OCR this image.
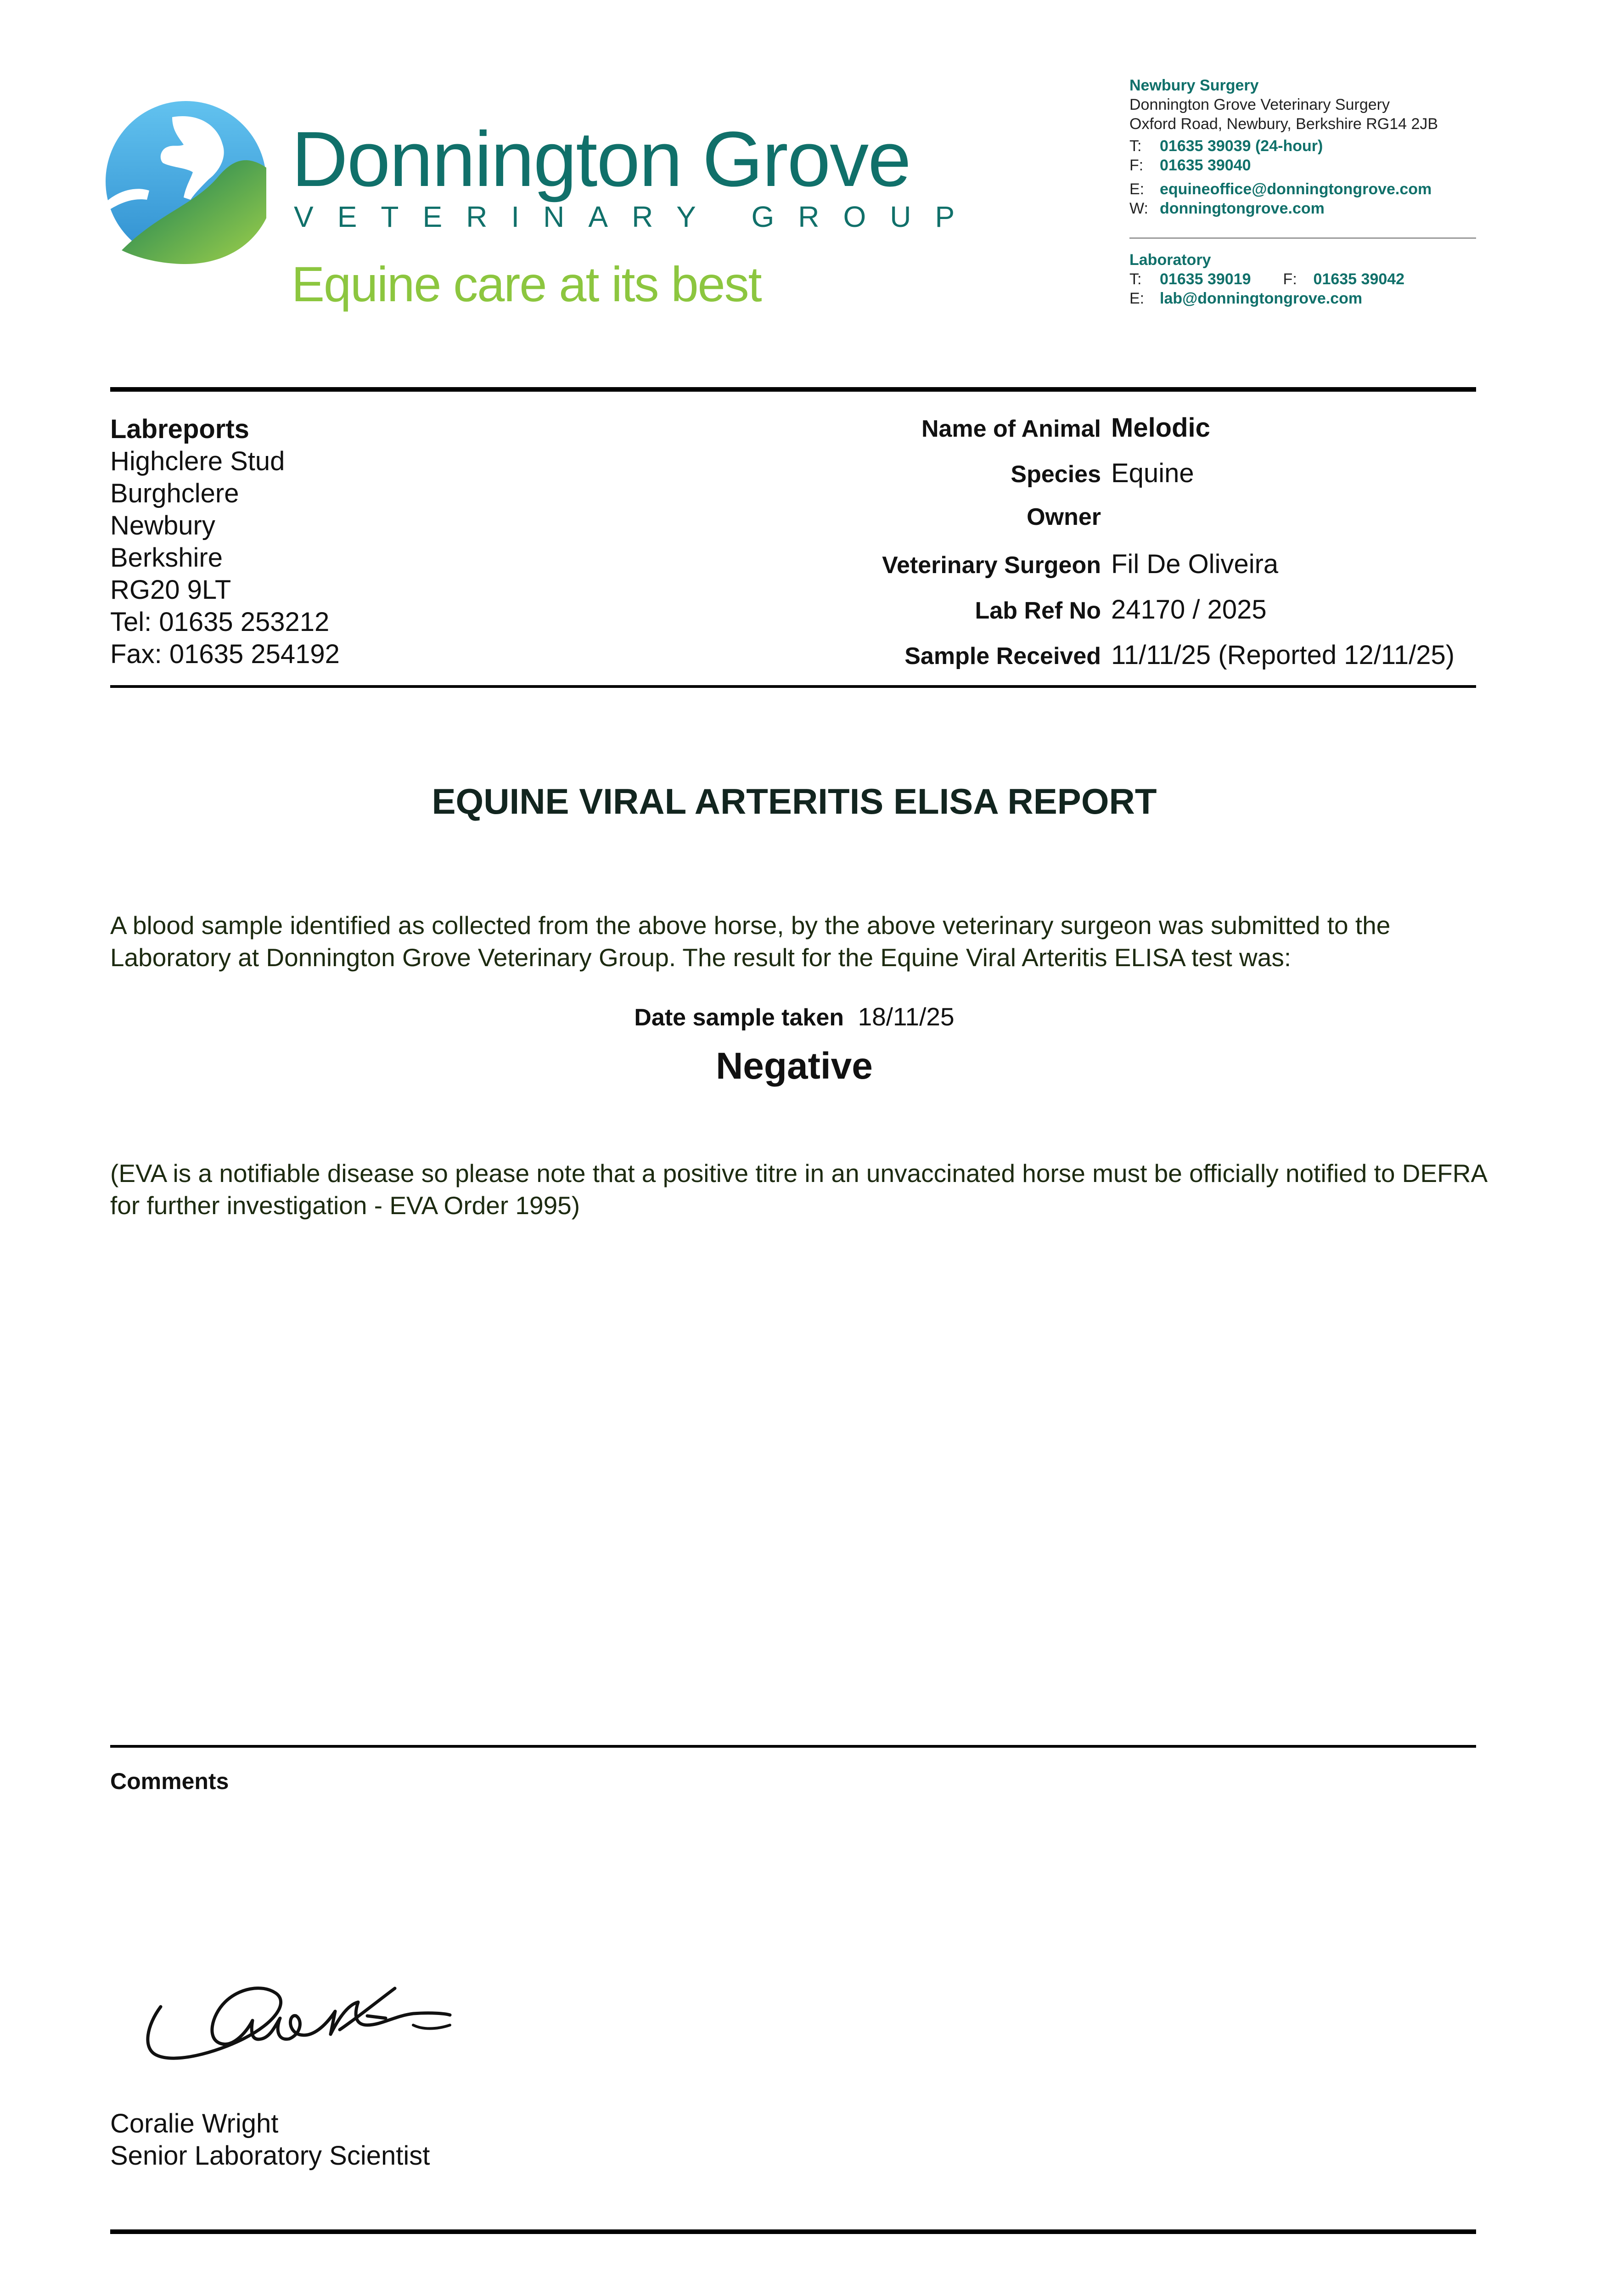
Donnington Grove
VETERINARY GROUP
Equine care at its best
Newbury Surgery
Donnington Grove Veterinary Surgery
Oxford Road, Newbury, Berkshire RG14 2JB
T: 01635 39039 (24-hour)
F: 01635 39040
E: equineoffice@donningtongrove.com
W: donningtongrove.com
Laboratory
T: 01635 39019 F: 01635 39042
E: lab@donningtongrove.com
Labreports
Highclere Stud
Burghclere
Newbury
Berkshire
RG20 9LT
Tel: 01635 253212
Fax: 01635 254192
Name of Animal Melodic
Species Equine
Owner
Veterinary Surgeon Fil De Oliveira
Lab Ref No 24170 / 2025
Sample Received 11/11/25 (Reported 12/11/25)
EQUINE VIRAL ARTERITIS ELISA REPORT
A blood sample identified as collected from the above horse, by the above veterinary surgeon was submitted to the Laboratory at Donnington Grove Veterinary Group. The result for the Equine Viral Arteritis ELISA test was:
Date sample taken 18/11/25
Negative
(EVA is a notifiable disease so please note that a positive titre in an unvaccinated horse must be officially notified to DEFRA for further investigation - EVA Order 1995)
Comments
Coralie Wright
Senior Laboratory Scientist
